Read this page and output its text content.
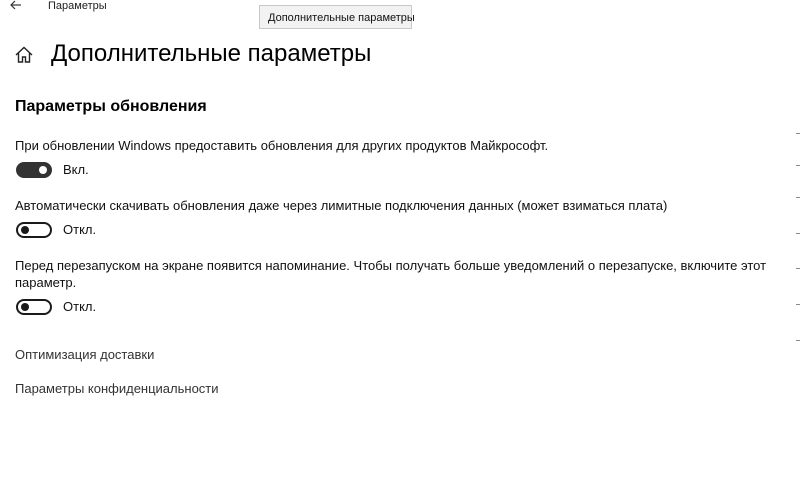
Параметры
Дополнительные параметры
Дополнительные параметры
Параметры обновления
При обновлении Windows предоставить обновления для других продуктов Майкрософт.
Вкл.
Автоматически скачивать обновления даже через лимитные подключения данных (может взиматься плата)
Откл.
Перед перезапуском на экране появится напоминание. Чтобы получать больше уведомлений о перезапуске, включите этот параметр.
Откл.
Оптимизация доставки
Параметры конфиденциальности
